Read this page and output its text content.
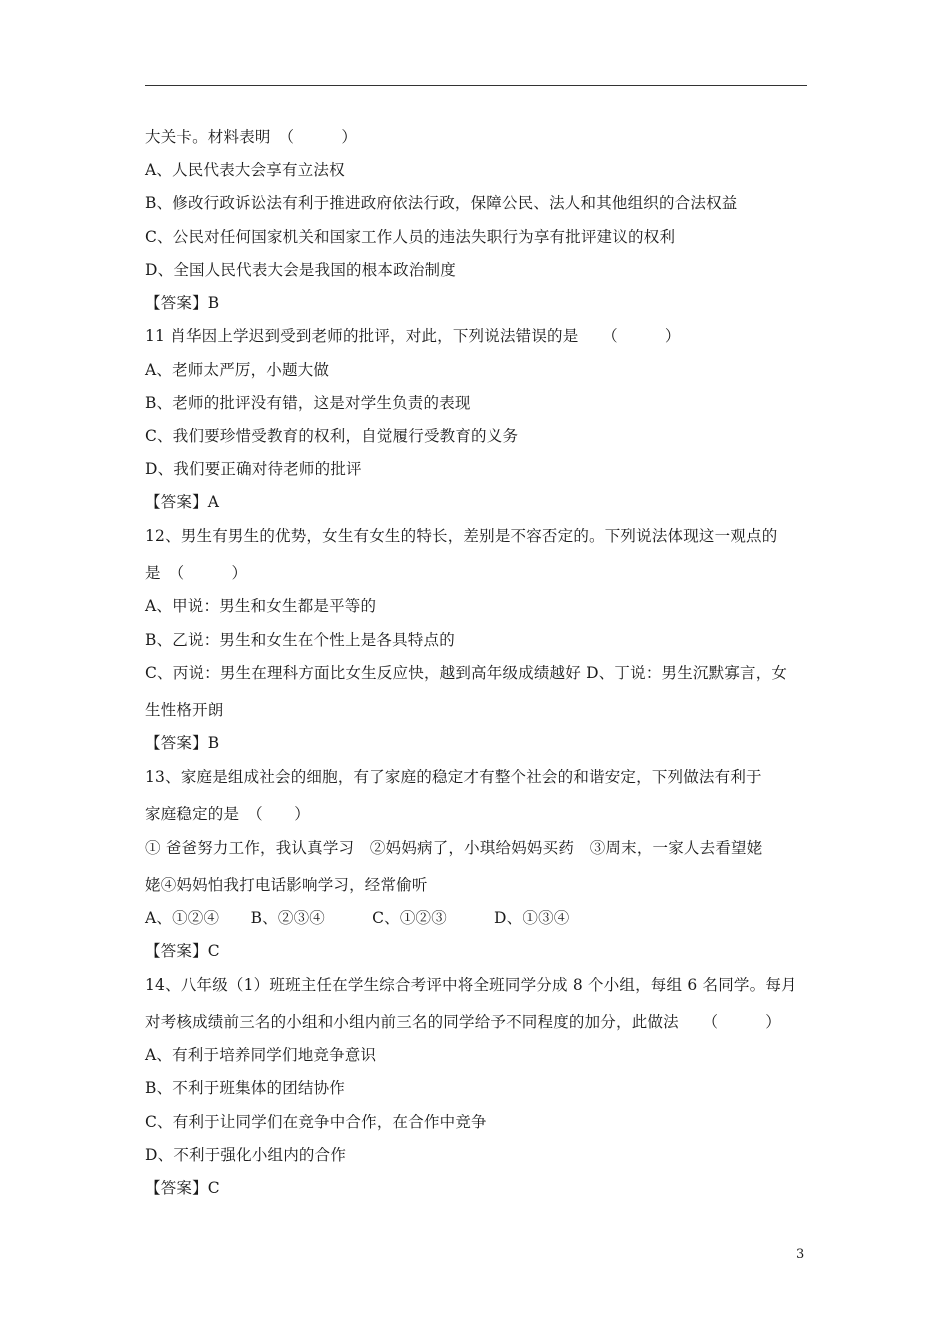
大关卡。材料表明　（　　　）
A、人民代表大会享有立法权
B、修改行政诉讼法有利于推进政府依法行政，保障公民、法人和其他组织的合法权益
C、公民对任何国家机关和国家工作人员的违法失职行为享有批评建议的权利
D、全国人民代表大会是我国的根本政治制度
【答案】B
11 肖华因上学迟到受到老师的批评，对此，下列说法错误的是　　（　　　）
A、老师太严厉，小题大做
B、老师的批评没有错，这是对学生负责的表现
C、我们要珍惜受教育的权利，自觉履行受教育的义务
D、我们要正确对待老师的批评
【答案】A
12、男生有男生的优势，女生有女生的特长，差别是不容否定的。下列说法体现这一观点的
是　（　　　）
A、甲说：男生和女生都是平等的
B、乙说：男生和女生在个性上是各具特点的
C、丙说：男生在理科方面比女生反应快，越到高年级成绩越好 D、丁说：男生沉默寡言，女
生性格开朗
【答案】B
13、家庭是组成社会的细胞，有了家庭的稳定才有整个社会的和谐安定，下列做法有利于
家庭稳定的是　（　　）
① 爸爸努力工作，我认真学习　②妈妈病了，小琪给妈妈买药　③周末，一家人去看望姥
姥④妈妈怕我打电话影响学习，经常偷听
A、①②④　　B、②③④　　　C、①②③　　　D、①③④
【答案】C
14、八年级（1）班班主任在学生综合考评中将全班同学分成 8 个小组，每组 6 名同学。每月
对考核成绩前三名的小组和小组内前三名的同学给予不同程度的加分，此做法　　（　　　）
A、有利于培养同学们地竞争意识
B、不利于班集体的团结协作
C、有利于让同学们在竞争中合作，在合作中竞争
D、不利于强化小组内的合作
【答案】C
3
